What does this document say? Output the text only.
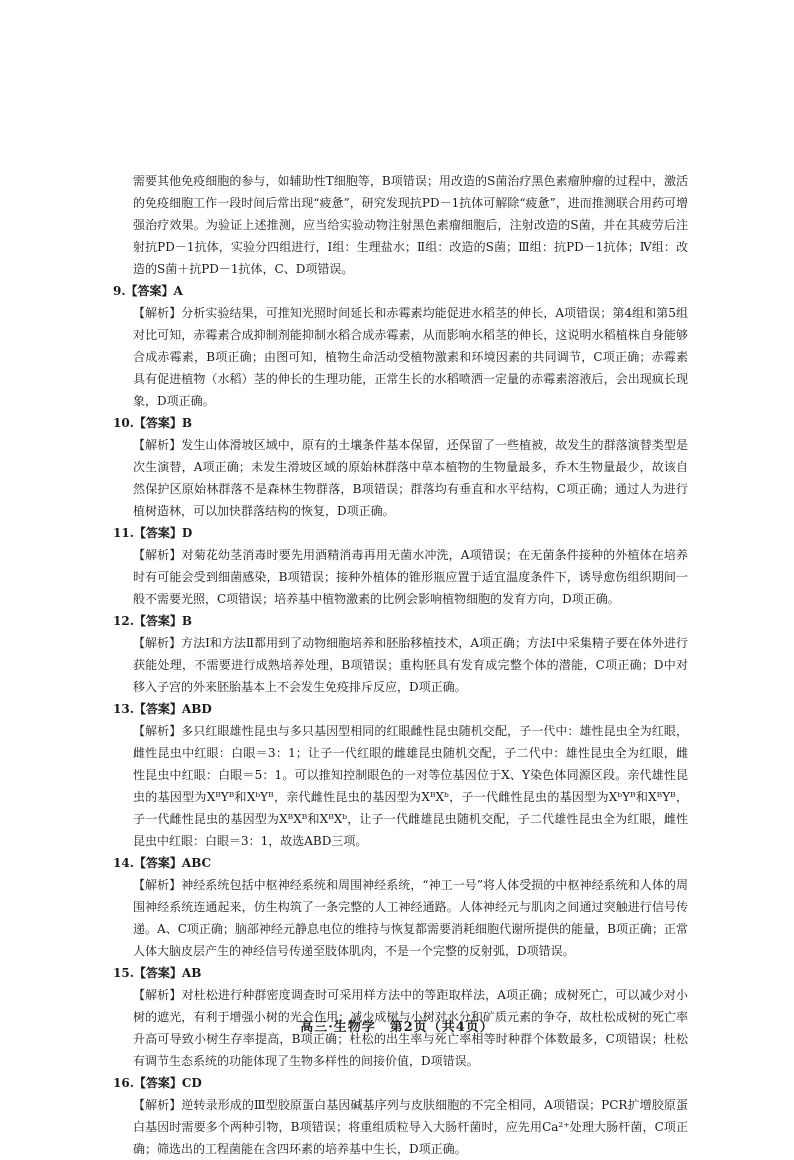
需要其他免疫细胞的参与，如辅助性T细胞等，B项错误；用改造的S菌治疗黑色素瘤肿瘤的过程中，激活的免疫细胞工作一段时间后常出现“疲惫”，研究发现抗PD－1抗体可解除“疲惫”，进而推测联合用药可增强治疗效果。为验证上述推测，应当给实验动物注射黑色素瘤细胞后，注射改造的S菌，并在其疲劳后注射抗PD－1抗体，实验分四组进行，Ⅰ组：生理盐水；Ⅱ组：改造的S菌；Ⅲ组：抗PD－1抗体；Ⅳ组：改造的S菌＋抗PD－1抗体，C、D项错误。

9.【答案】A
【解析】分析实验结果，可推知光照时间延长和赤霉素均能促进水稻茎的伸长，A项错误；第4组和第5组对比可知，赤霉素合成抑制剂能抑制水稻合成赤霉素，从而影响水稻茎的伸长，这说明水稻植株自身能够合成赤霉素，B项正确；由图可知，植物生命活动受植物激素和环境因素的共同调节，C项正确；赤霉素具有促进植物（水稻）茎的伸长的生理功能，正常生长的水稻喷洒一定量的赤霉素溶液后，会出现疯长现象，D项正确。
10.【答案】B
【解析】发生山体滑坡区域中，原有的土壤条件基本保留，还保留了一些植被，故发生的群落演替类型是次生演替，A项正确；未发生滑坡区域的原始林群落中草本植物的生物量最多，乔木生物量最少，故该自然保护区原始林群落不是森林生物群落，B项错误；群落均有垂直和水平结构，C项正确；通过人为进行植树造林，可以加快群落结构的恢复，D项正确。
11.【答案】D
【解析】对菊花幼茎消毒时要先用酒精消毒再用无菌水冲洗，A项错误；在无菌条件接种的外植体在培养时有可能会受到细菌感染，B项错误；接种外植体的锥形瓶应置于适宜温度条件下，诱导愈伤组织期间一般不需要光照，C项错误；培养基中植物激素的比例会影响植物细胞的发育方向，D项正确。
12.【答案】B
【解析】方法Ⅰ和方法Ⅱ都用到了动物细胞培养和胚胎移植技术，A项正确；方法Ⅰ中采集精子要在体外进行获能处理，不需要进行成熟培养处理，B项错误；重构胚具有发育成完整个体的潜能，C项正确；D中对移入子宫的外来胚胎基本上不会发生免疫排斥反应，D项正确。
13.【答案】ABD
【解析】多只红眼雄性昆虫与多只基因型相同的红眼雌性昆虫随机交配，子一代中：雄性昆虫全为红眼，雌性昆虫中红眼：白眼＝3：1；让子一代红眼的雌雄昆虫随机交配，子二代中：雄性昆虫全为红眼，雌性昆虫中红眼：白眼＝5：1。可以推知控制眼色的一对等位基因位于X、Y染色体同源区段。亲代雄性昆虫的基因型为XᴮYᴮ和XᵇYᴮ，亲代雌性昆虫的基因型为XᴮXᵇ，子一代雌性昆虫的基因型为XᵇYᴮ和XᴮYᴮ，子一代雌性昆虫的基因型为XᴮXᴮ和XᴮXᵇ，让子一代雌雄昆虫随机交配，子二代雄性昆虫全为红眼，雌性昆虫中红眼：白眼＝3：1，故选ABD三项。
14.【答案】ABC
【解析】神经系统包括中枢神经系统和周围神经系统，“神工一号”将人体受损的中枢神经系统和人体的周围神经系统连通起来，仿生构筑了一条完整的人工神经通路。人体神经元与肌肉之间通过突触进行信号传递。A、C项正确；脑部神经元静息电位的维持与恢复都需要消耗细胞代谢所提供的能量，B项正确；正常人体大脑皮层产生的神经信号传递至肢体肌肉，不是一个完整的反射弧，D项错误。
15.【答案】AB
【解析】对杜松进行种群密度调查时可采用样方法中的等距取样法，A项正确；成树死亡，可以减少对小树的遮光，有利于增强小树的光合作用；减少成树与小树对水分和矿质元素的争夺，故杜松成树的死亡率升高可导致小树生存率提高，B项正确；杜松的出生率与死亡率相等时种群个体数最多，C项错误；杜松有调节生态系统的功能体现了生物多样性的间接价值，D项错误。
16.【答案】CD
【解析】逆转录形成的Ⅲ型胶原蛋白基因碱基序列与皮肤细胞的不完全相同，A项错误；PCR扩增胶原蛋白基因时需要多个两种引物，B项错误；将重组质粒导入大肠杆菌时，应先用Ca²⁺处理大肠杆菌，C项正确；筛选出的工程菌能在含四环素的培养基中生长，D项正确。
高三·生物学　第2页（共4页）
